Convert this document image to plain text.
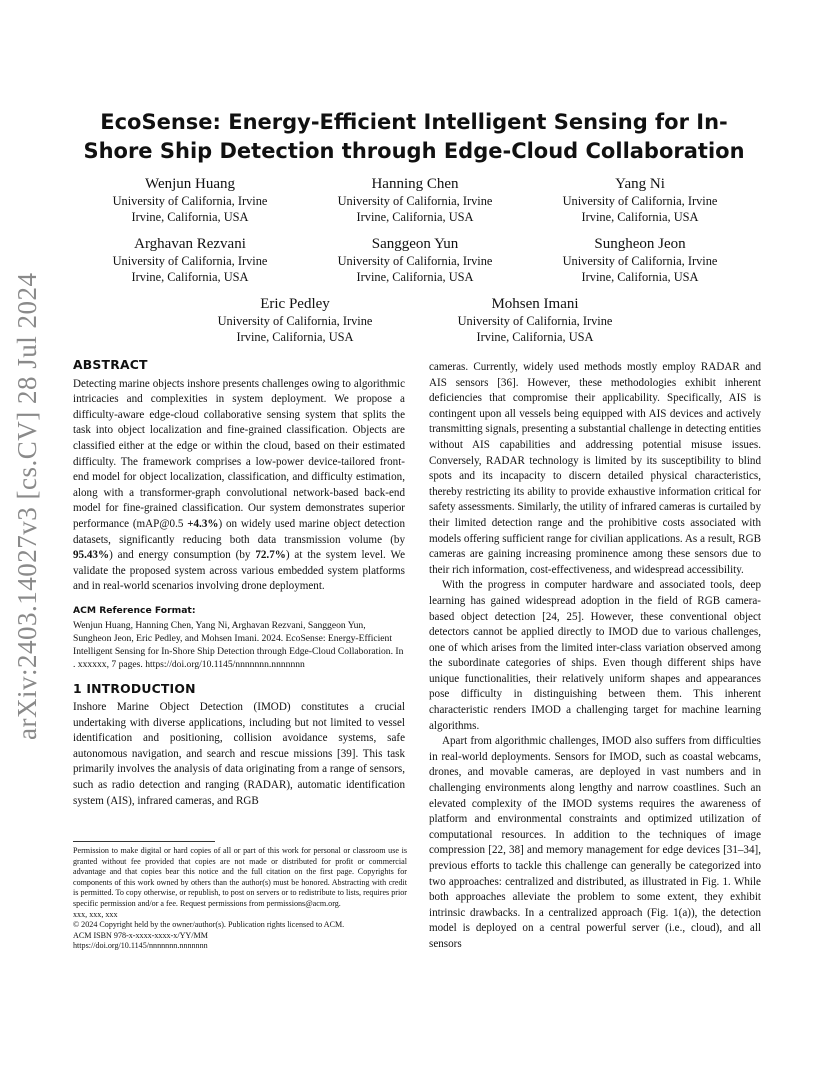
arXiv:2403.14027v3 [cs.CV] 28 Jul 2024
EcoSense: Energy-Efficient Intelligent Sensing for In-Shore Ship Detection through Edge-Cloud Collaboration
Wenjun Huang
University of California, Irvine
Irvine, California, USA
Hanning Chen
University of California, Irvine
Irvine, California, USA
Yang Ni
University of California, Irvine
Irvine, California, USA
Arghavan Rezvani
University of California, Irvine
Irvine, California, USA
Sanggeon Yun
University of California, Irvine
Irvine, California, USA
Sungheon Jeon
University of California, Irvine
Irvine, California, USA
Eric Pedley
University of California, Irvine
Irvine, California, USA
Mohsen Imani
University of California, Irvine
Irvine, California, USA
ABSTRACT

Detecting marine objects inshore presents challenges owing to algorithmic intricacies and complexities in system deployment. We propose a difficulty-aware edge-cloud collaborative sensing system that splits the task into object localization and fine-grained classification. Objects are classified either at the edge or within the cloud, based on their estimated difficulty. The framework comprises a low-power device-tailored front-end model for object localization, classification, and difficulty estimation, along with a transformer-graph convolutional network-based back-end model for fine-grained classification. Our system demonstrates superior performance (mAP@0.5 +4.3%) on widely used marine object detection datasets, significantly reducing both data transmission volume (by 95.43%) and energy consumption (by 72.7%) at the system level. We validate the proposed system across various embedded system platforms and in real-world scenarios involving drone deployment.

ACM Reference Format:

Wenjun Huang, Hanning Chen, Yang Ni, Arghavan Rezvani, Sanggeon Yun, Sungheon Jeon, Eric Pedley, and Mohsen Imani. 2024. EcoSense: Energy-Efficient Intelligent Sensing for In-Shore Ship Detection through Edge-Cloud Collaboration. In . xxxxxx, 7 pages. https://doi.org/10.1145/nnnnnnn.nnnnnnn

1 INTRODUCTION

Inshore Marine Object Detection (IMOD) constitutes a crucial undertaking with diverse applications, including but not limited to vessel identification and positioning, collision avoidance systems, safe autonomous navigation, and search and rescue missions [39]. This task primarily involves the analysis of data originating from a range of sensors, such as radio detection and ranging (RADAR), automatic identification system (AIS), infrared cameras, and RGB

cameras. Currently, widely used methods mostly employ RADAR and AIS sensors [36]. However, these methodologies exhibit inherent deficiencies that compromise their applicability. Specifically, AIS is contingent upon all vessels being equipped with AIS devices and actively transmitting signals, presenting a substantial challenge in detecting entities without AIS capabilities and addressing potential misuse issues. Conversely, RADAR technology is limited by its susceptibility to blind spots and its incapacity to discern detailed physical characteristics, thereby restricting its ability to provide exhaustive information critical for safety assessments. Similarly, the utility of infrared cameras is curtailed by their limited detection range and the prohibitive costs associated with models offering sufficient range for civilian applications. As a result, RGB cameras are gaining increasing prominence among these sensors due to their rich information, cost-effectiveness, and widespread accessibility.

With the progress in computer hardware and associated tools, deep learning has gained widespread adoption in the field of RGB camera-based object detection [24, 25]. However, these conventional object detectors cannot be applied directly to IMOD due to various challenges, one of which arises from the limited inter-class variation observed among the subordinate categories of ships. Even though different ships have unique functionalities, their relatively uniform shapes and appearances pose difficulty in distinguishing between them. This inherent characteristic renders IMOD a challenging target for machine learning algorithms.

Apart from algorithmic challenges, IMOD also suffers from difficulties in real-world deployments. Sensors for IMOD, such as coastal webcams, drones, and movable cameras, are deployed in vast numbers and in challenging environments along lengthy and narrow coastlines. Such an elevated complexity of the IMOD systems requires the awareness of platform and environmental constraints and optimized utilization of computational resources. In addition to the techniques of image compression [22, 38] and memory management for edge devices [31–34], previous efforts to tackle this challenge can generally be categorized into two approaches: centralized and distributed, as illustrated in Fig. 1. While both approaches alleviate the problem to some extent, they exhibit intrinsic drawbacks. In a centralized approach (Fig. 1(a)), the detection model is deployed on a central powerful server (i.e., cloud), and all sensors

Permission to make digital or hard copies of all or part of this work for personal or classroom use is granted without fee provided that copies are not made or distributed for profit or commercial advantage and that copies bear this notice and the full citation on the first page. Copyrights for components of this work owned by others than the author(s) must be honored. Abstracting with credit is permitted. To copy otherwise, or republish, to post on servers or to redistribute to lists, requires prior specific permission and/or a fee. Request permissions from permissions@acm.org.

xxx, xxx, xxx

© 2024 Copyright held by the owner/author(s). Publication rights licensed to ACM.

ACM ISBN 978-x-xxxx-xxxx-x/YY/MM

https://doi.org/10.1145/nnnnnnn.nnnnnnn
